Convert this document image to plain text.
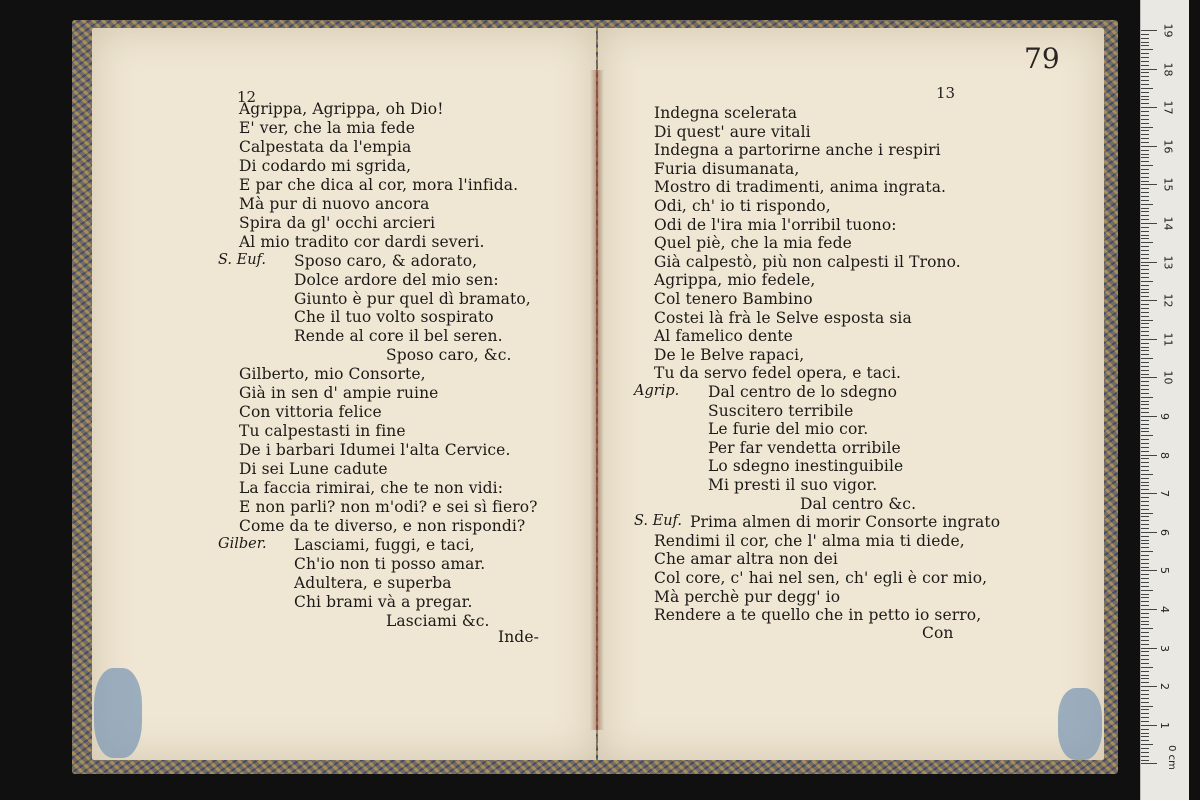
12
Agrippa, Agrippa, oh Dio!
E' ver, che la mia fede
Calpestata da l'empia
Di codardo mi sgrida,
E par che dica al cor, mora l'infida.
Mà pur di nuovo ancora
Spira da gl' occhi arcieri
Al mio tradito cor dardi severi.
S. Euf. Sposo caro, & adorato,
Dolce ardore del mio sen:
Giunto è pur quel dì bramato,
Che il tuo volto sospirato
Rende al core il bel seren.
Sposo caro, &c.
Gilberto, mio Consorte,
Già in sen d' ampie ruine
Con vittoria felice
Tu calpestasti in fine
De i barbari Idumei l'alta Cervice.
Di sei Lune cadute
La faccia rimirai, che te non vidi:
E non parli? non m'odi? e sei sì fiero?
Come da te diverso, e non rispondi?
Gilber. Lasciami, fuggi, e taci,
Ch'io non ti posso amar.
Adultera, e superba
Chi brami và a pregar.
Lasciami &c.
Inde-
13
79
Indegna scelerata
Di quest' aure vitali
Indegna a partorirne anche i respiri
Furia disumanata,
Mostro di tradimenti, anima ingrata.
Odi, ch' io ti rispondo,
Odi de l'ira mia l'orribil tuono:
Quel piè, che la mia fede
Già calpestò, più non calpesti il Trono.
Agrippa, mio fedele,
Col tenero Bambino
Costei là frà le Selve esposta sia
Al famelico dente
De le Belve rapaci,
Tu da servo fedel opera, e taci.
Agrip. Dal centro de lo sdegno
Suscitero terribile
Le furie del mio cor.
Per far vendetta orribile
Lo sdegno inestinguibile
Mi presti il suo vigor.
Dal centro &c.
S. Euf. Prima almen di morir Consorte ingrato
Rendimi il cor, che l' alma mia ti diede,
Che amar altra non dei
Col core, c' hai nel sen, ch' egli è cor mio,
Mà perchè pur degg' io
Rendere a te quello che in petto io serro,
Con
19
18
17
16
15
14
13
12
11
10
9
8
7
6
5
4
3
2
1
0 cm
